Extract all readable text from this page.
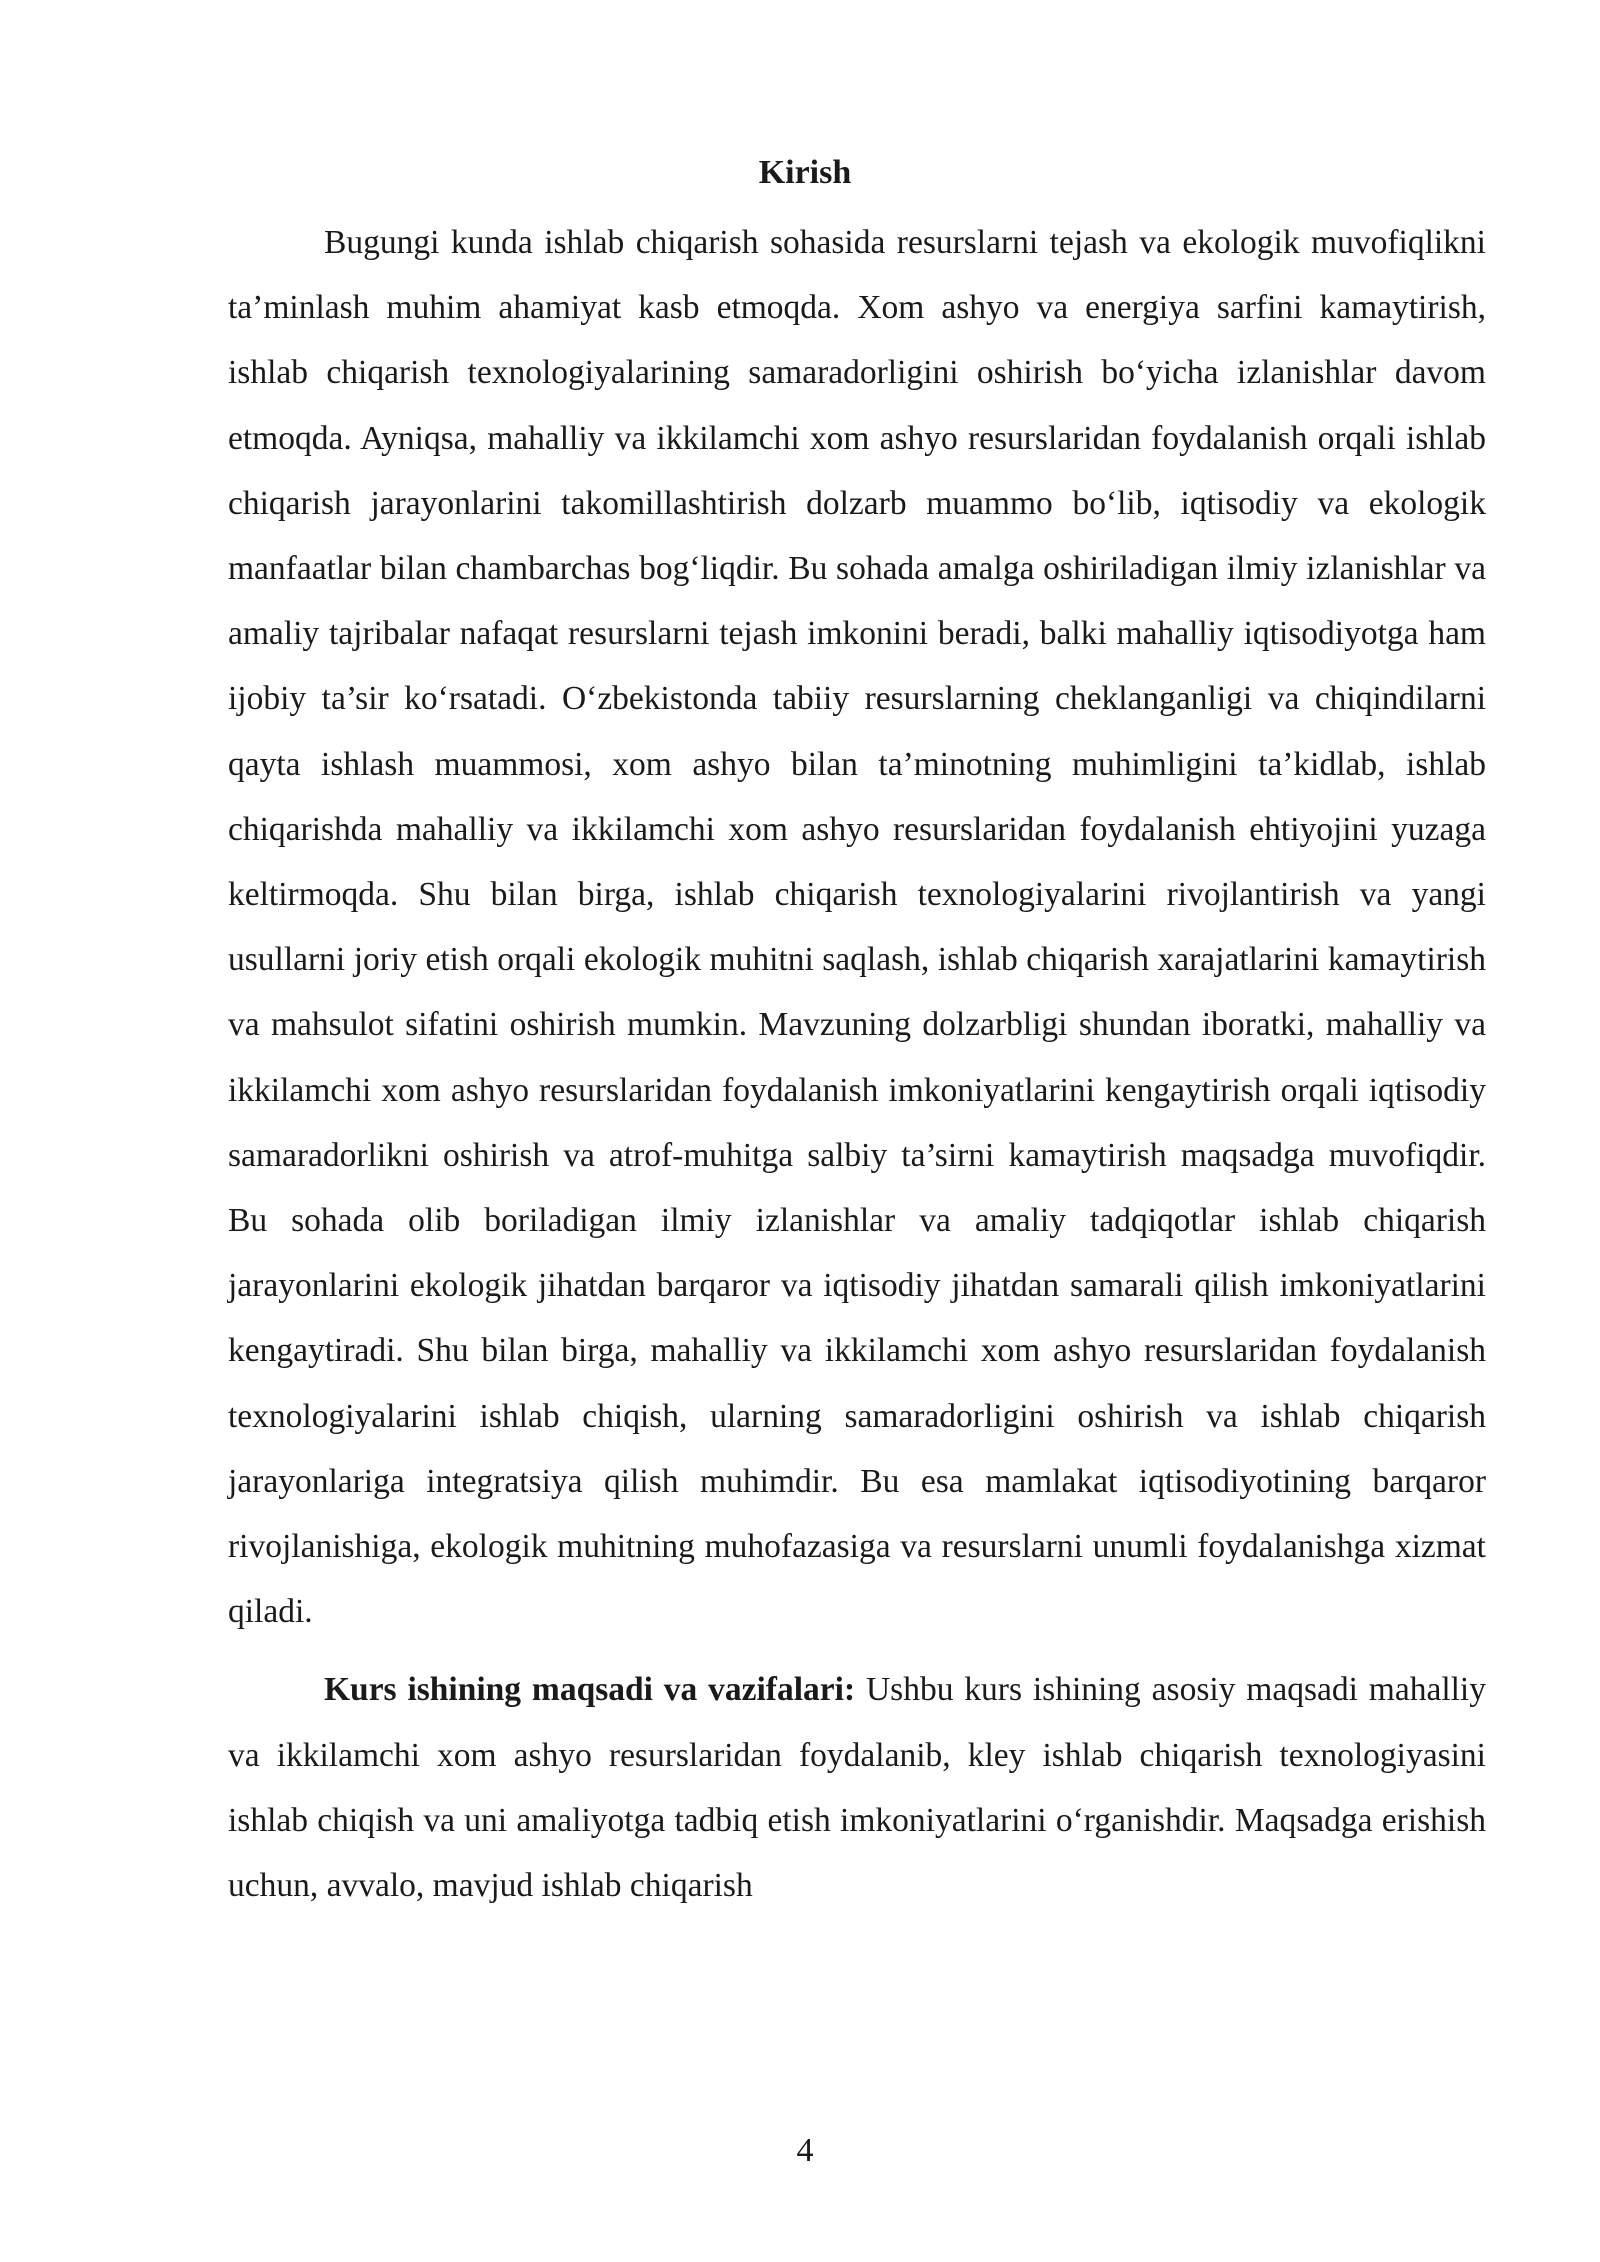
Kirish

Bugungi kunda ishlab chiqarish sohasida resurslarni tejash va ekologik muvofiqlikni ta’minlash muhim ahamiyat kasb etmoqda. Xom ashyo va energiya sarfini kamaytirish, ishlab chiqarish texnologiyalarining samaradorligini oshirish bo‘yicha izlanishlar davom etmoqda. Ayniqsa, mahalliy va ikkilamchi xom ashyo resurslaridan foydalanish orqali ishlab chiqarish jarayonlarini takomillashtirish dolzarb muammo bo‘lib, iqtisodiy va ekologik manfaatlar bilan chambarchas bog‘liqdir. Bu sohada amalga oshiriladigan ilmiy izlanishlar va amaliy tajribalar nafaqat resurslarni tejash imkonini beradi, balki mahalliy iqtisodiyotga ham ijobiy ta’sir ko‘rsatadi. O‘zbekistonda tabiiy resurslarning cheklanganligi va chiqindilarni qayta ishlash muammosi, xom ashyo bilan ta’minotning muhimligini ta’kidlab, ishlab chiqarishda mahalliy va ikkilamchi xom ashyo resurslaridan foydalanish ehtiyojini yuzaga keltirmoqda. Shu bilan birga, ishlab chiqarish texnologiyalarini rivojlantirish va yangi usullarni joriy etish orqali ekologik muhitni saqlash, ishlab chiqarish xarajatlarini kamaytirish va mahsulot sifatini oshirish mumkin. Mavzuning dolzarbligi shundan iboratki, mahalliy va ikkilamchi xom ashyo resurslaridan foydalanish imkoniyatlarini kengaytirish orqali iqtisodiy samaradorlikni oshirish va atrof-muhitga salbiy ta’sirni kamaytirish maqsadga muvofiqdir. Bu sohada olib boriladigan ilmiy izlanishlar va amaliy tadqiqotlar ishlab chiqarish jarayonlarini ekologik jihatdan barqaror va iqtisodiy jihatdan samarali qilish imkoniyatlarini kengaytiradi. Shu bilan birga, mahalliy va ikkilamchi xom ashyo resurslaridan foydalanish texnologiyalarini ishlab chiqish, ularning samaradorligini oshirish va ishlab chiqarish jarayonlariga integratsiya qilish muhimdir. Bu esa mamlakat iqtisodiyotining barqaror rivojlanishiga, ekologik muhitning muhofazasiga va resurslarni unumli foydalanishga xizmat qiladi.

Kurs ishining maqsadi va vazifalari: Ushbu kurs ishining asosiy maqsadi mahalliy va ikkilamchi xom ashyo resurslaridan foydalanib, kley ishlab chiqarish texnologiyasini ishlab chiqish va uni amaliyotga tadbiq etish imkoniyatlarini o‘rganishdir. Maqsadga erishish uchun, avvalo, mavjud ishlab chiqarish

4
